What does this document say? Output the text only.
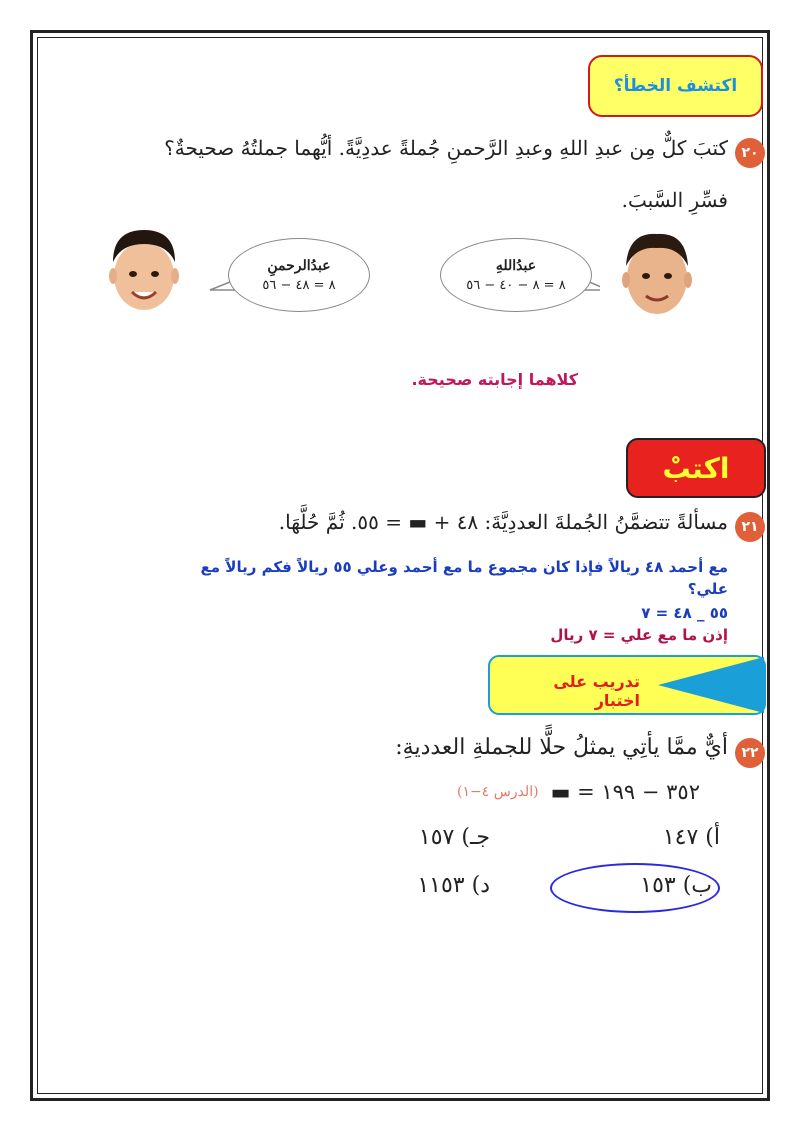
اكتشف الخطأ؟
٢٠
كتبَ كلٌّ مِن عبدِ اللهِ وعبدِ الرَّحمنِ جُملةً عددِيَّةً. أيُّهما جملتُهُ صحيحةٌ؟
فسِّرِ السَّببَ.
عبدُاللهِ
٨ = ٨ − ٤٠ − ٥٦
عبدُالرحمنِ
٨ = ٤٨ − ٥٦
كلاهما إجابته صحيحة.
اكتبْ
٢١
مسألةً تتضمَّنُ الجُملةَ العددِيَّةَ: ٤٨ + ▬ = ٥٥. ثُمَّ حُلَّهَا.
مع أحمد ٤٨ ريالاً فإذا كان مجموع ما مع أحمد وعلي ٥٥ ريالاً فكم ريالاً مع
علي؟
٥٥ _ ٤٨ = ٧
إذن ما مع علي = ٧ ريال
تدريب على اختبار
٢٢
أيٌّ ممَّا يأتِي يمثلُ حلًّا للجملةِ العدديةِ:
٣٥٢ − ١٩٩ = ▬
(الدرس ٤−١)
أ) ١٤٧
جـ) ١٥٧
ب) ١٥٣
د) ١١٥٣
